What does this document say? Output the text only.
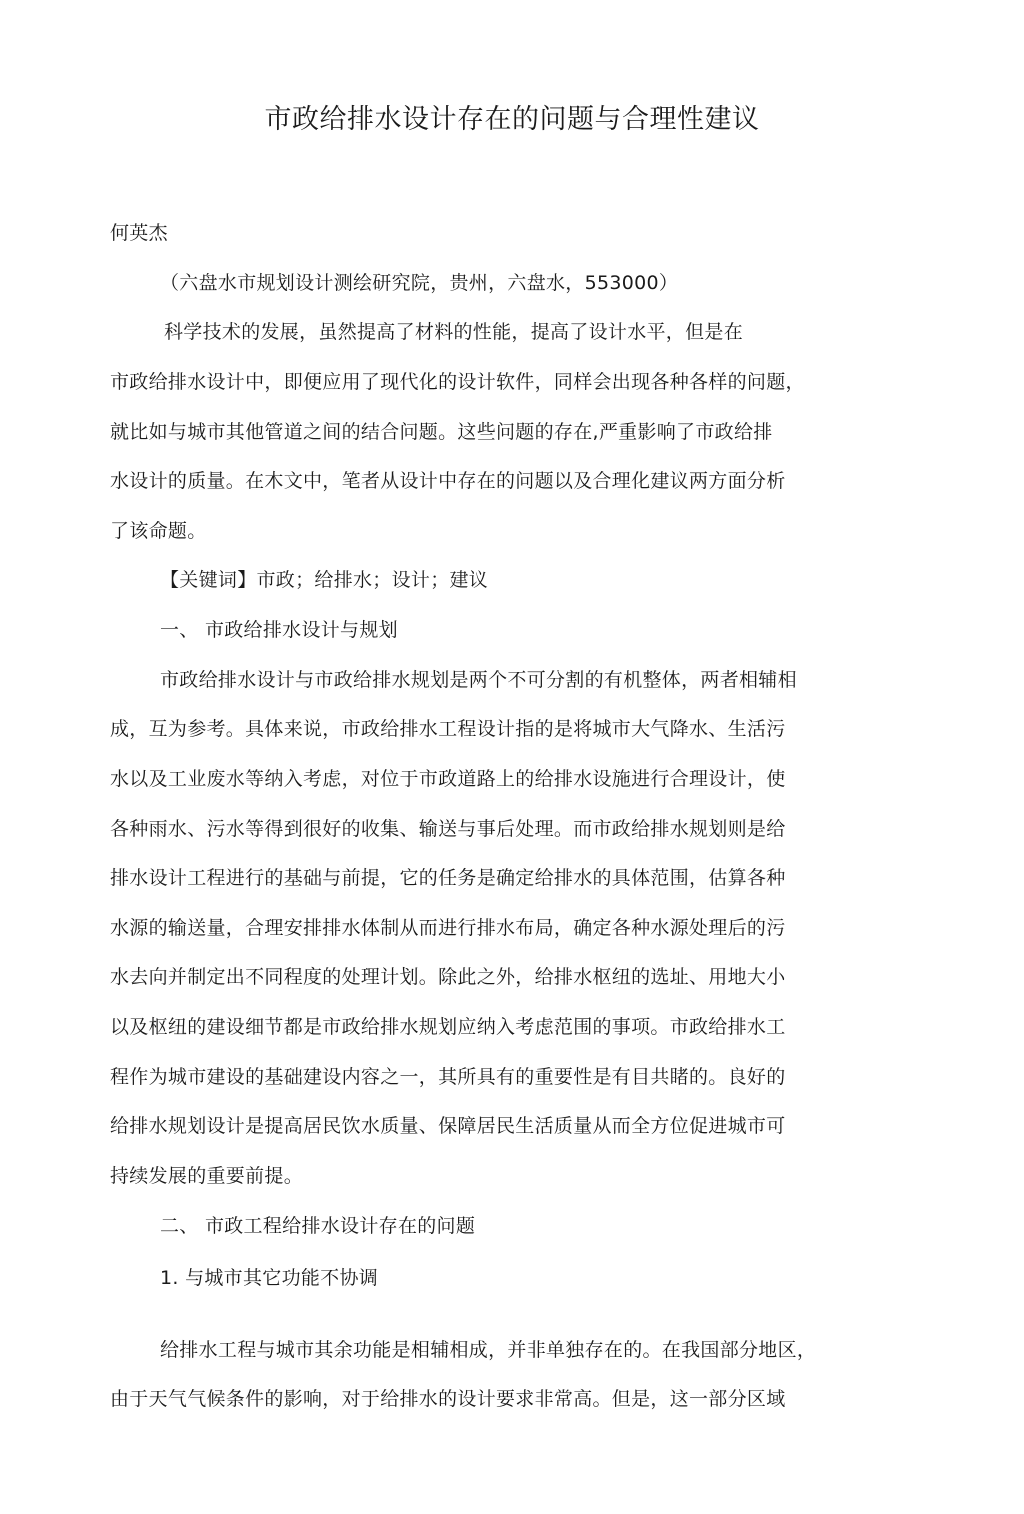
市政给排水设计存在的问题与合理性建议
何英杰
（六盘水市规划设计测绘研究院，贵州，六盘水，553000）
科学技术的发展，虽然提高了材料的性能，提高了设计水平，但是在
市政给排水设计中，即便应用了现代化的设计软件，同样会出现各种各样的问题，
就比如与城市其他管道之间的结合问题。这些问题的存在,严重影响了市政给排
水设计的质量。在木文中，笔者从设计中存在的问题以及合理化建议两方面分析
了该命题。
【关键词】市政；给排水；设计；建议
一、 市政给排水设计与规划
市政给排水设计与市政给排水规划是两个不可分割的有机整体，两者相辅相
成，互为参考。具体来说，市政给排水工程设计指的是将城市大气降水、生活污
水以及工业废水等纳入考虑，对位于市政道路上的给排水设施进行合理设计，使
各种雨水、污水等得到很好的收集、输送与事后处理。而市政给排水规划则是给
排水设计工程进行的基础与前提，它的任务是确定给排水的具体范围，估算各种
水源的输送量，合理安排排水体制从而进行排水布局，确定各种水源处理后的污
水去向并制定出不同程度的处理计划。除此之外，给排水枢纽的选址、用地大小
以及枢纽的建设细节都是市政给排水规划应纳入考虑范围的事项。市政给排水工
程作为城市建设的基础建设内容之一，其所具有的重要性是有目共睹的。良好的
给排水规划设计是提高居民饮水质量、保障居民生活质量从而全方位促进城市可
持续发展的重要前提。
二、 市政工程给排水设计存在的问题
1. 与城市其它功能不协调
给排水工程与城市其余功能是相辅相成，并非单独存在的。在我国部分地区，
由于天气气候条件的影响，对于给排水的设计要求非常高。但是，这一部分区域
